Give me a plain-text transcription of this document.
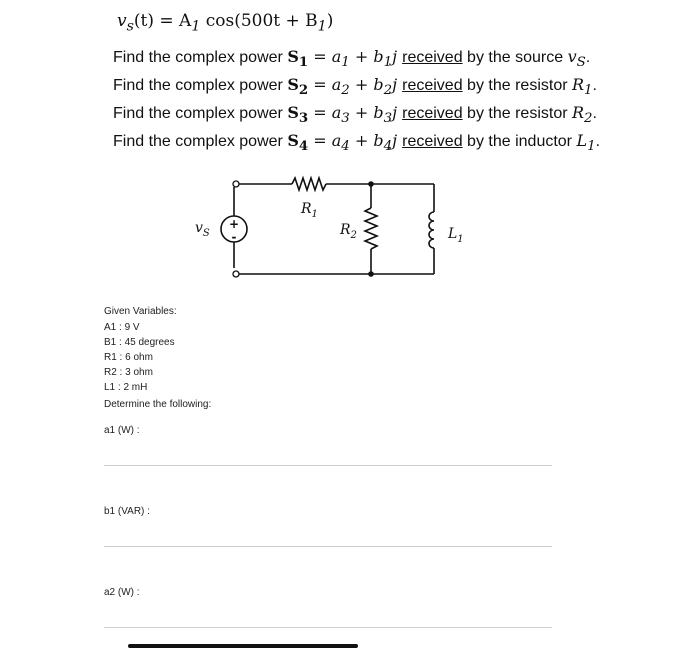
$v_s(t) = A_1$ $\cos(500t + B_1)$
Find the complex power $S_1 = a_1 + b_1j$ received by the source $v_S$.
Find the complex power $S_2 = a_2 + b_2j$ received by the resistor $R_1$.
Find the complex power $S_3 = a_3 + b_3j$ received by the resistor $R_2$.
Find the complex power $S_4 = a_4 + b_4j$ received by the inductor $L_1$.
+
-
$R_1$
$R_2$	$L_1$
$v_S$
Given Variables:
A1 : 9 V
B1 : 45 degrees
R1 : 6 ohm
R2 : 3 ohm
L1 : 2 mH
Determine the following:
a1 (W) :
b1 (VAR) :
a2 (W) :
